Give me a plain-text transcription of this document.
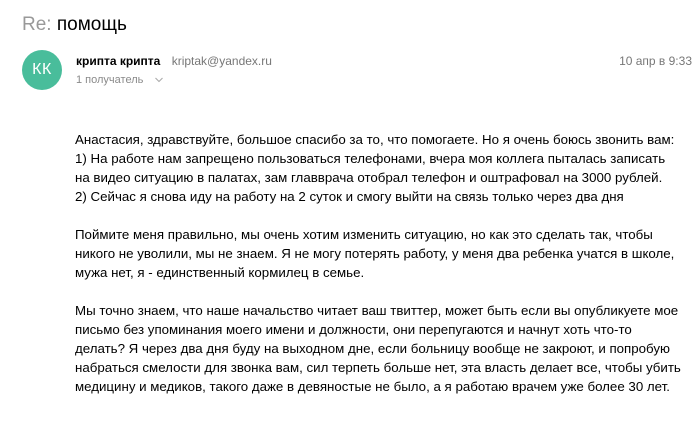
Re: помощь
КК	крипта крипта kriptak@yandex.ru	10 апр в 9:33
1 получатель

Анастасия, здравствуйте, большое спасибо за то, что помогаете. Но я очень боюсь звонить вам:
1) На работе нам запрещено пользоваться телефонами, вчера моя коллега пыталась записать
на видео ситуацию в палатах, зам главврача отобрал телефон и оштрафовал на 3000 рублей.
2) Сейчас я снова иду на работу на 2 суток и смогу выйти на связь только через два дня

Поймите меня правильно, мы очень хотим изменить ситуацию, но как это сделать так, чтобы
никого не уволили, мы не знаем. Я не могу потерять работу, у меня два ребенка учатся в школе,
мужа нет, я - единственный кормилец в семье.

Мы точно знаем, что наше начальство читает ваш твиттер, может быть если вы опубликуете мое
письмо без упоминания моего имени и должности, они перепугаются и начнут хоть что-то
делать? Я через два дня буду на выходном дне, если больницу вообще не закроют, и попробую
набраться смелости для звонка вам, сил терпеть больше нет, эта власть делает все, чтобы убить
медицину и медиков, такого даже в девяностые не было, а я работаю врачем уже более 30 лет.
